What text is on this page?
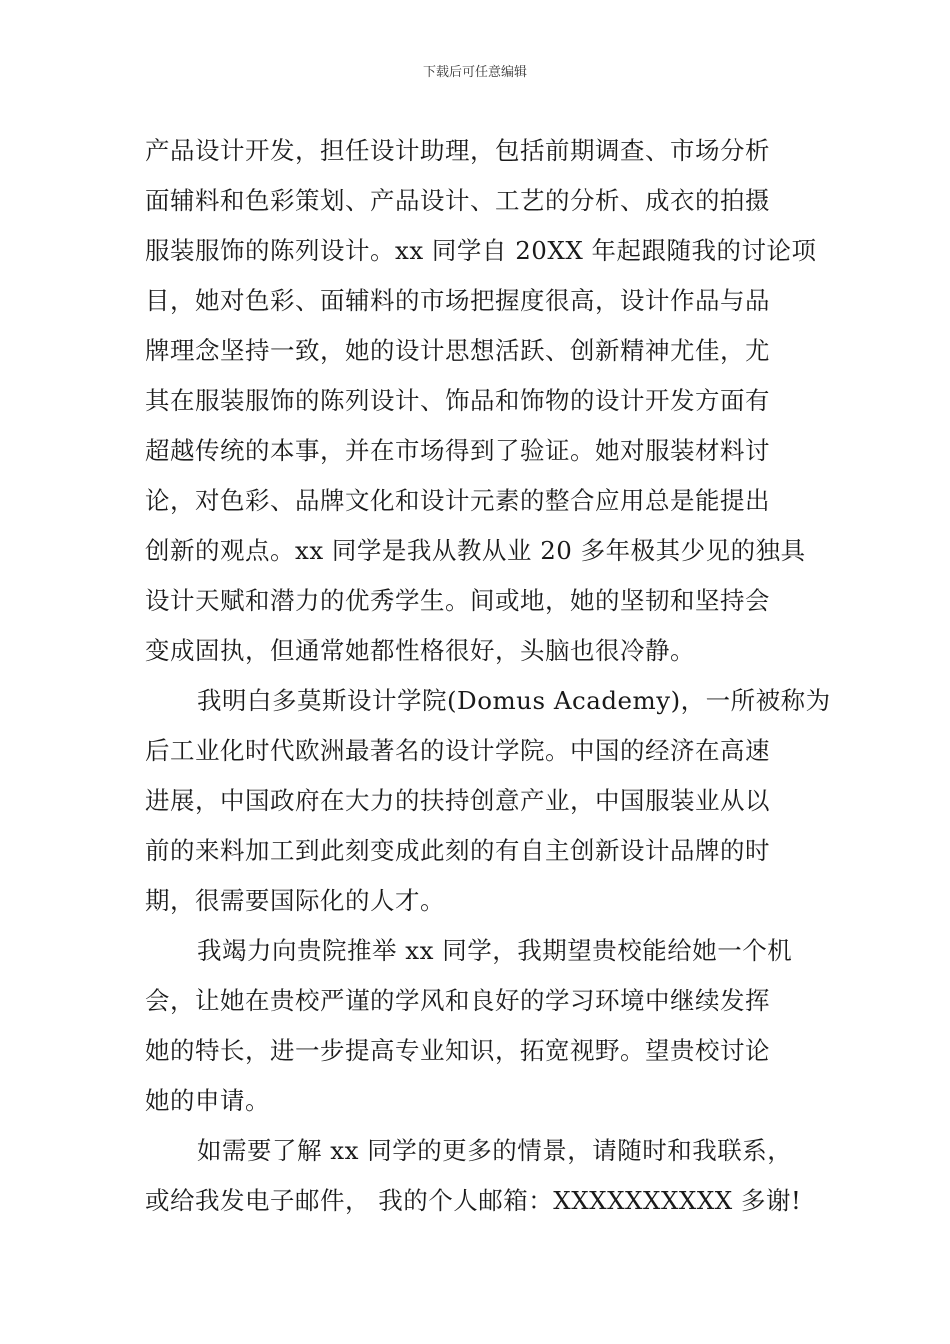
下载后可任意编辑
产品设计开发，担任设计助理，包括前期调查、市场分析
面辅料和色彩策划、产品设计、工艺的分析、成衣的拍摄
服装服饰的陈列设计。xx 同学自 20XX 年起跟随我的讨论项
目，她对色彩、面辅料的市场把握度很高，设计作品与品
牌理念坚持一致，她的设计思想活跃、创新精神尤佳，尤
其在服装服饰的陈列设计、饰品和饰物的设计开发方面有
超越传统的本事，并在市场得到了验证。她对服装材料讨
论，对色彩、品牌文化和设计元素的整合应用总是能提出
创新的观点。xx 同学是我从教从业 20 多年极其少见的独具
设计天赋和潜力的优秀学生。间或地，她的坚韧和坚持会
变成固执，但通常她都性格很好，头脑也很冷静。
我明白多莫斯设计学院(Domus Academy)，一所被称为
后工业化时代欧洲最著名的设计学院。中国的经济在高速
进展，中国政府在大力的扶持创意产业，中国服装业从以
前的来料加工到此刻变成此刻的有自主创新设计品牌的时
期，很需要国际化的人才。
我竭力向贵院推举 xx 同学，我期望贵校能给她一个机
会，让她在贵校严谨的学风和良好的学习环境中继续发挥
她的特长，进一步提高专业知识，拓宽视野。望贵校讨论
她的申请。
如需要了解 xx 同学的更多的情景，请随时和我联系，
或给我发电子邮件， 我的个人邮箱：XXXXXXXXXX 多谢!
